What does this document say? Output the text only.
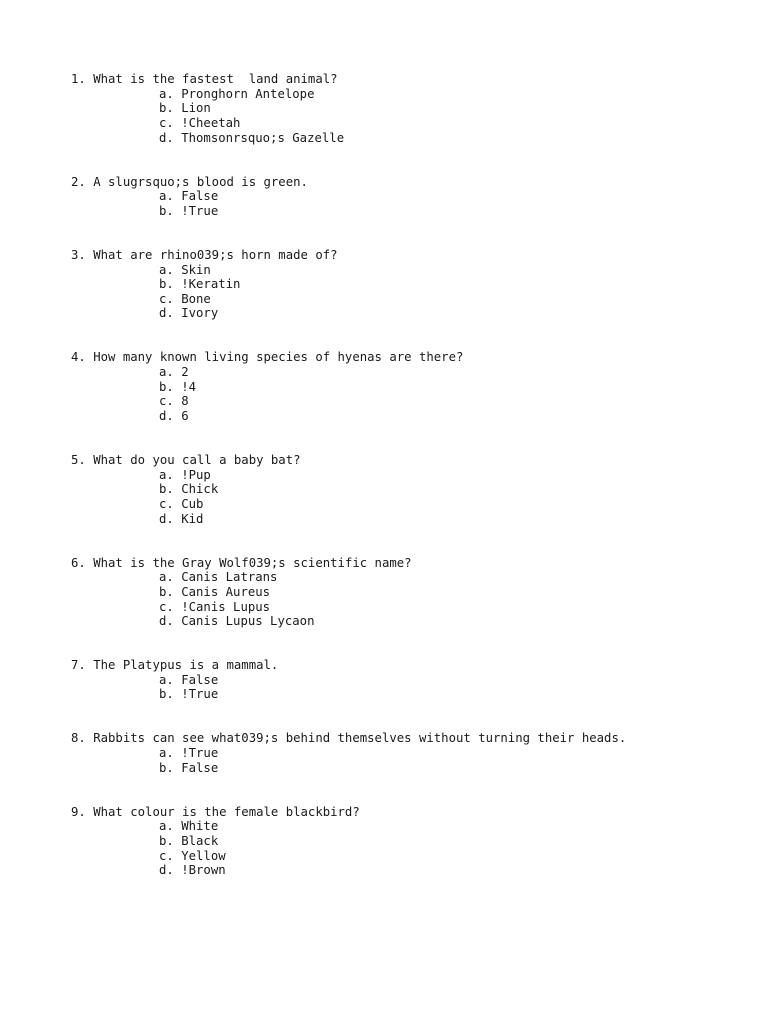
1. What is the fastest  land animal?
a. Pronghorn Antelope
b. Lion
c. !Cheetah
d. Thomsonrsquo;s Gazelle
2. A slugrsquo;s blood is green.
a. False
b. !True
3. What are rhino039;s horn made of?
a. Skin
b. !Keratin
c. Bone
d. Ivory
4. How many known living species of hyenas are there?
a. 2
b. !4
c. 8
d. 6
5. What do you call a baby bat?
a. !Pup
b. Chick
c. Cub
d. Kid
6. What is the Gray Wolf039;s scientific name?
a. Canis Latrans
b. Canis Aureus
c. !Canis Lupus
d. Canis Lupus Lycaon
7. The Platypus is a mammal.
a. False
b. !True
8. Rabbits can see what039;s behind themselves without turning their heads.
a. !True
b. False
9. What colour is the female blackbird?
a. White
b. Black
c. Yellow
d. !Brown
